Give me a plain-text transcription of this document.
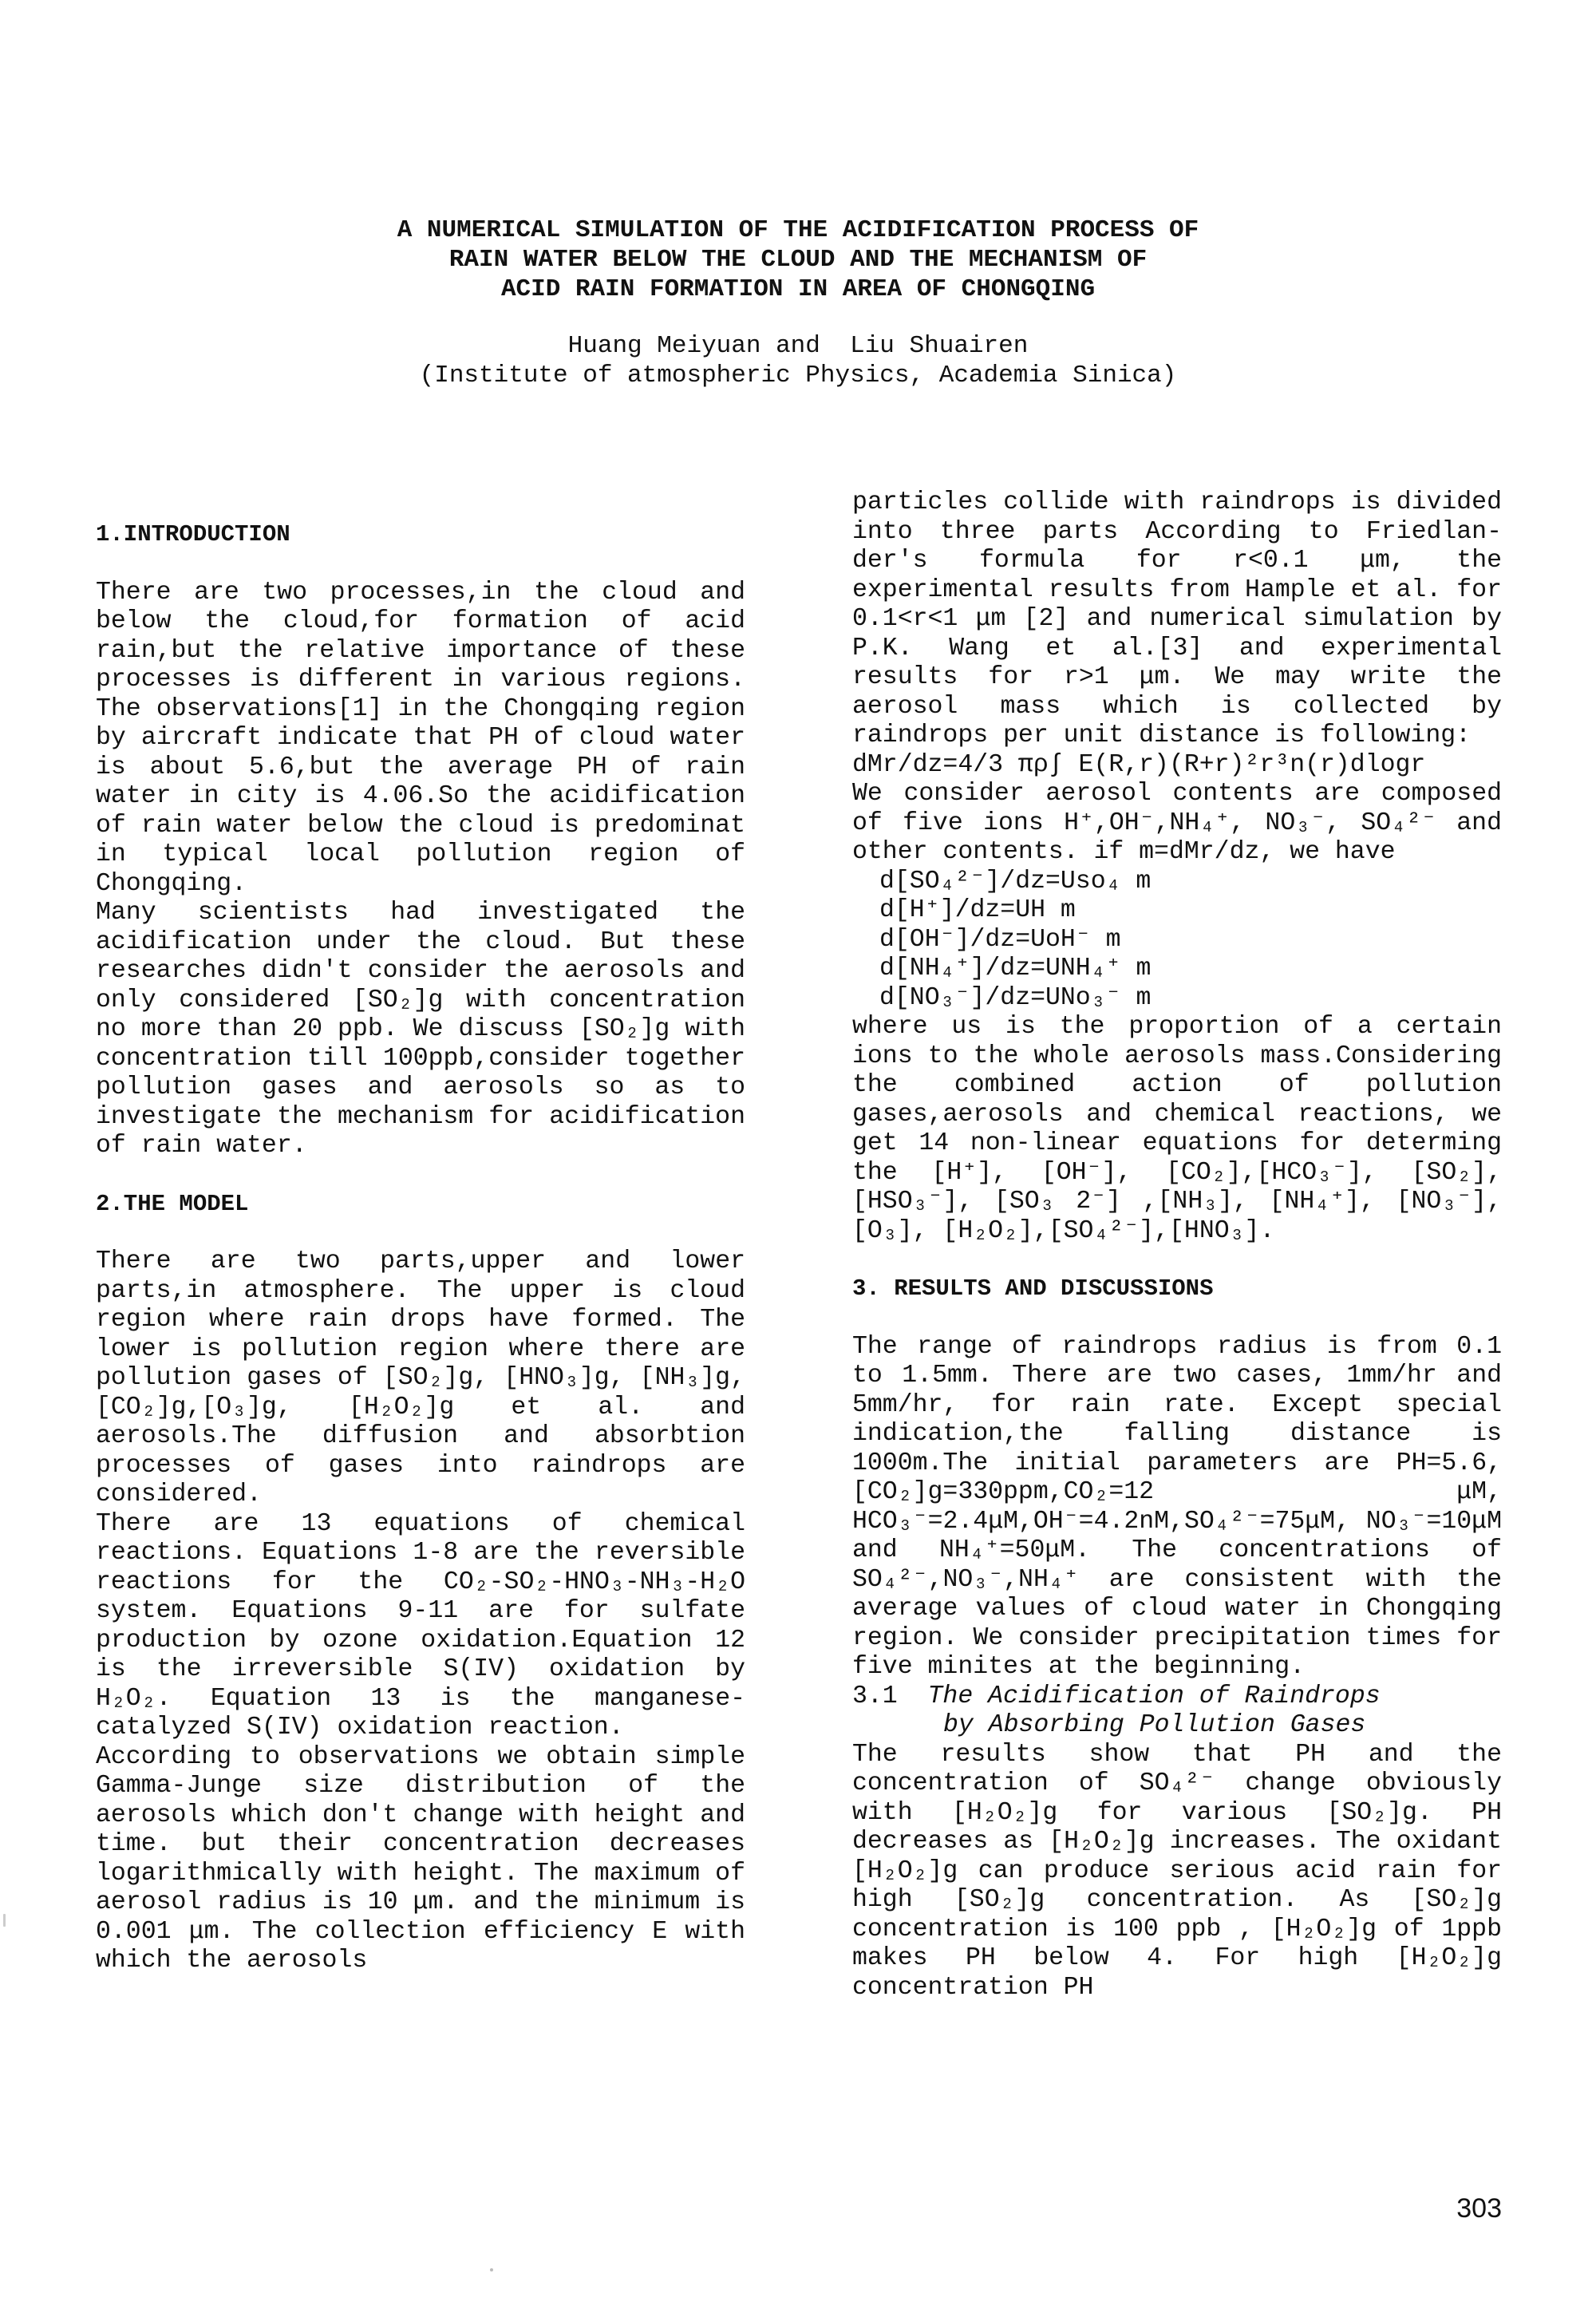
A NUMERICAL SIMULATION OF THE ACIDIFICATION PROCESS OF
RAIN WATER BELOW THE CLOUD AND THE MECHANISM OF
ACID RAIN FORMATION IN AREA OF CHONGQING
Huang Meiyuan and  Liu Shuairen
(Institute of atmospheric Physics, Academia Sinica)
1.INTRODUCTION
There are two processes,in the cloud and below the cloud,for formation of acid rain,but the relative importance of these processes is different in various regions. The observations[1] in the Chongqing region by aircraft indicate that PH of cloud water is about 5.6,but the average PH of rain water in city is 4.06.So the acidification of rain water below the cloud is predominat in typical local pollution region of Chongqing.
Many scientists had investigated the acidification under the cloud. But these researches didn't consider the aerosols and only considered [SO₂]g with concentration no more than 20 ppb. We discuss [SO₂]g with concentration till 100ppb,consider together pollution gases and aerosols so as to investigate the mechanism for acidification of rain water.
2.THE MODEL
There are two parts,upper and lower parts,in atmosphere. The upper is cloud region where rain drops have formed. The lower is pollution region where there are pollution gases of [SO₂]g, [HNO₃]g, [NH₃]g, [CO₂]g,[O₃]g, [H₂O₂]g et al. and aerosols.The diffusion and absorbtion processes of gases into raindrops are considered.
There are 13 equations of chemical reactions. Equations 1-8 are the reversible reactions for the CO₂-SO₂-HNO₃-NH₃-H₂O system. Equations 9-11 are for sulfate production by ozone oxidation.Equation 12 is the irreversible S(IV) oxidation by H₂O₂. Equation 13 is the manganese-catalyzed S(IV) oxidation reaction.
According to observations we obtain simple Gamma-Junge size distribution of the aerosols which don't change with height and time. but their concentration decreases logarithmically with height. The maximum of aerosol radius is 10 μm. and the minimum is 0.001 μm. The collection efficiency E with which the aerosols
particles collide with raindrops is divided into three parts According to Friedlan-der's formula for r<0.1 μm, the experimental results from Hample et al. for 0.1<r<1 μm [2] and numerical simulation by P.K. Wang et al.[3] and experimental results for r>1 μm. We may write the aerosol mass which is collected by raindrops per unit distance is following:
dMr/dz=4/3 πρ∫ E(R,r)(R+r)²r³n(r)dlogr
We consider aerosol contents are composed of five ions H⁺,OH⁻,NH₄⁺, NO₃⁻, SO₄²⁻ and other contents. if m=dMr/dz, we have
d[SO₄²⁻]/dz=Uso₄ m
d[H⁺]/dz=UH m
d[OH⁻]/dz=UoH⁻ m
d[NH₄⁺]/dz=UNH₄⁺ m
d[NO₃⁻]/dz=UNo₃⁻ m
where us is the proportion of a certain ions to the whole aerosols mass.Considering the combined action of pollution gases,aerosols and chemical reactions, we get 14 non-linear equations for determing the [H⁺], [OH⁻], [CO₂],[HCO₃⁻], [SO₂], [HSO₃⁻], [SO₃ 2⁻] ,[NH₃], [NH₄⁺], [NO₃⁻], [O₃], [H₂O₂],[SO₄²⁻],[HNO₃].
3. RESULTS AND DISCUSSIONS
The range of raindrops radius is from 0.1 to 1.5mm. There are two cases, 1mm/hr and 5mm/hr, for rain rate. Except special indication,the falling distance is 1000m.The initial parameters are PH=5.6, [CO₂]g=330ppm,CO₂=12 μM, HCO₃⁻=2.4μM,OH⁻=4.2nM,SO₄²⁻=75μM, NO₃⁻=10μM and NH₄⁺=50μM. The concentrations of SO₄²⁻,NO₃⁻,NH₄⁺ are consistent with the average values of cloud water in Chongqing region. We consider precipitation times for five minites at the beginning.
3.1 The Acidification of Raindrops
by Absorbing Pollution Gases
The results show that PH and the concentration of SO₄²⁻ change obviously with [H₂O₂]g for various [SO₂]g. PH decreases as [H₂O₂]g increases. The oxidant [H₂O₂]g can produce serious acid rain for high [SO₂]g concentration. As [SO₂]g concentration is 100 ppb , [H₂O₂]g of 1ppb makes PH below 4. For high [H₂O₂]g concentration PH
303
